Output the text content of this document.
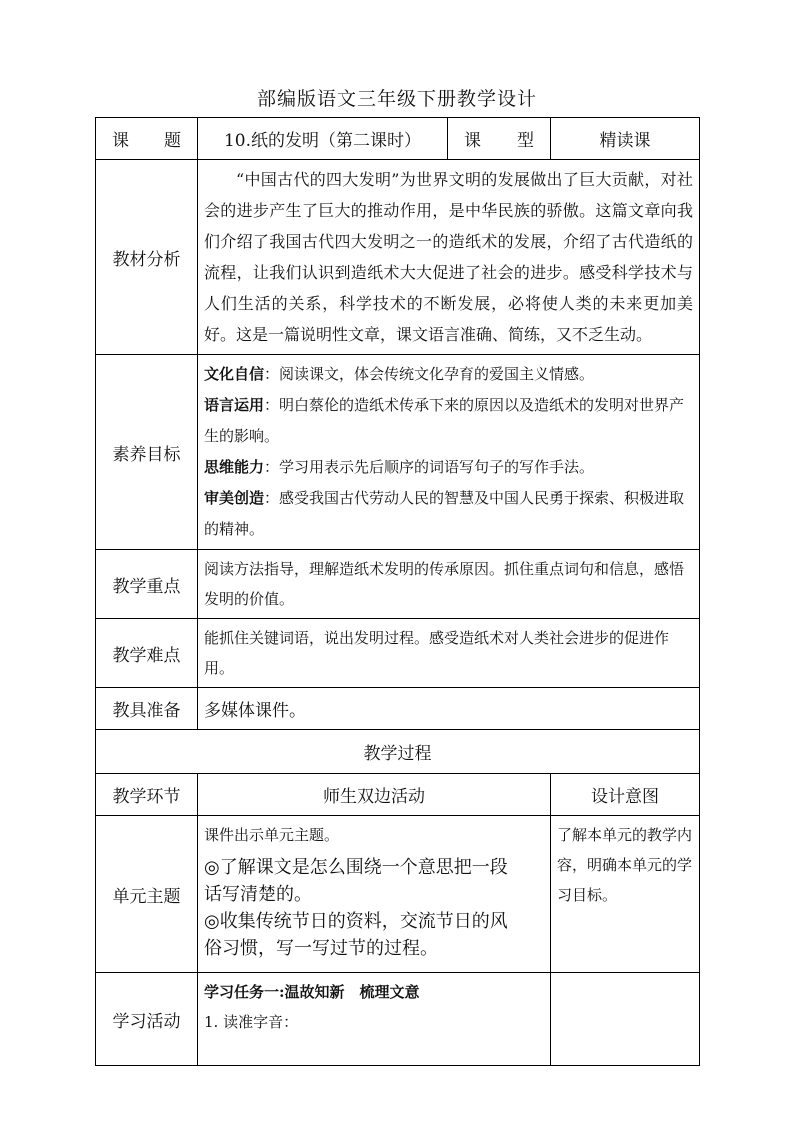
部编版语文三年级下册教学设计
课　　题	10.纸的发明（第二课时）	课　　型	精读课
教材分析	“中国古代的四大发明”为世界文明的发展做出了巨大贡献，对社会的进步产生了巨大的推动作用，是中华民族的骄傲。这篇文章向我们介绍了我国古代四大发明之一的造纸术的发展，介绍了古代造纸的流程，让我们认识到造纸术大大促进了社会的进步。感受科学技术与人们生活的关系，科学技术的不断发展，必将使人类的未来更加美好。这是一篇说明性文章，课文语言准确、简练，又不乏生动。		
素养目标	文化自信：阅读课文，体会传统文化孕育的爱国主义情感。
语言运用：明白蔡伦的造纸术传承下来的原因以及造纸术的发明对世界产生的影响。
思维能力：学习用表示先后顺序的词语写句子的写作手法。
审美创造：感受我国古代劳动人民的智慧及中国人民勇于探索、积极进取的精神。		

教学重点	阅读方法指导，理解造纸术发明的传承原因。抓住重点词句和信息，感悟发明的价值。		
教学难点	能抓住关键词语，说出发明过程。感受造纸术对人类社会进步的促进作用。		
教具准备	多媒体课件。		
教学过程			
教学环节	师生双边活动		设计意图
单元主题	课件出示单元主题。
◎了解课文是怎么围绕一个意思把一段话写清楚的。
◎收集传统节日的资料，交流节日的风俗习惯，写一写过节的过程。		了解本单元的教学内容，明确本单元的学习目标。
学习活动	学习任务一:温故知新　梳理文意
1. 读准字音：		
